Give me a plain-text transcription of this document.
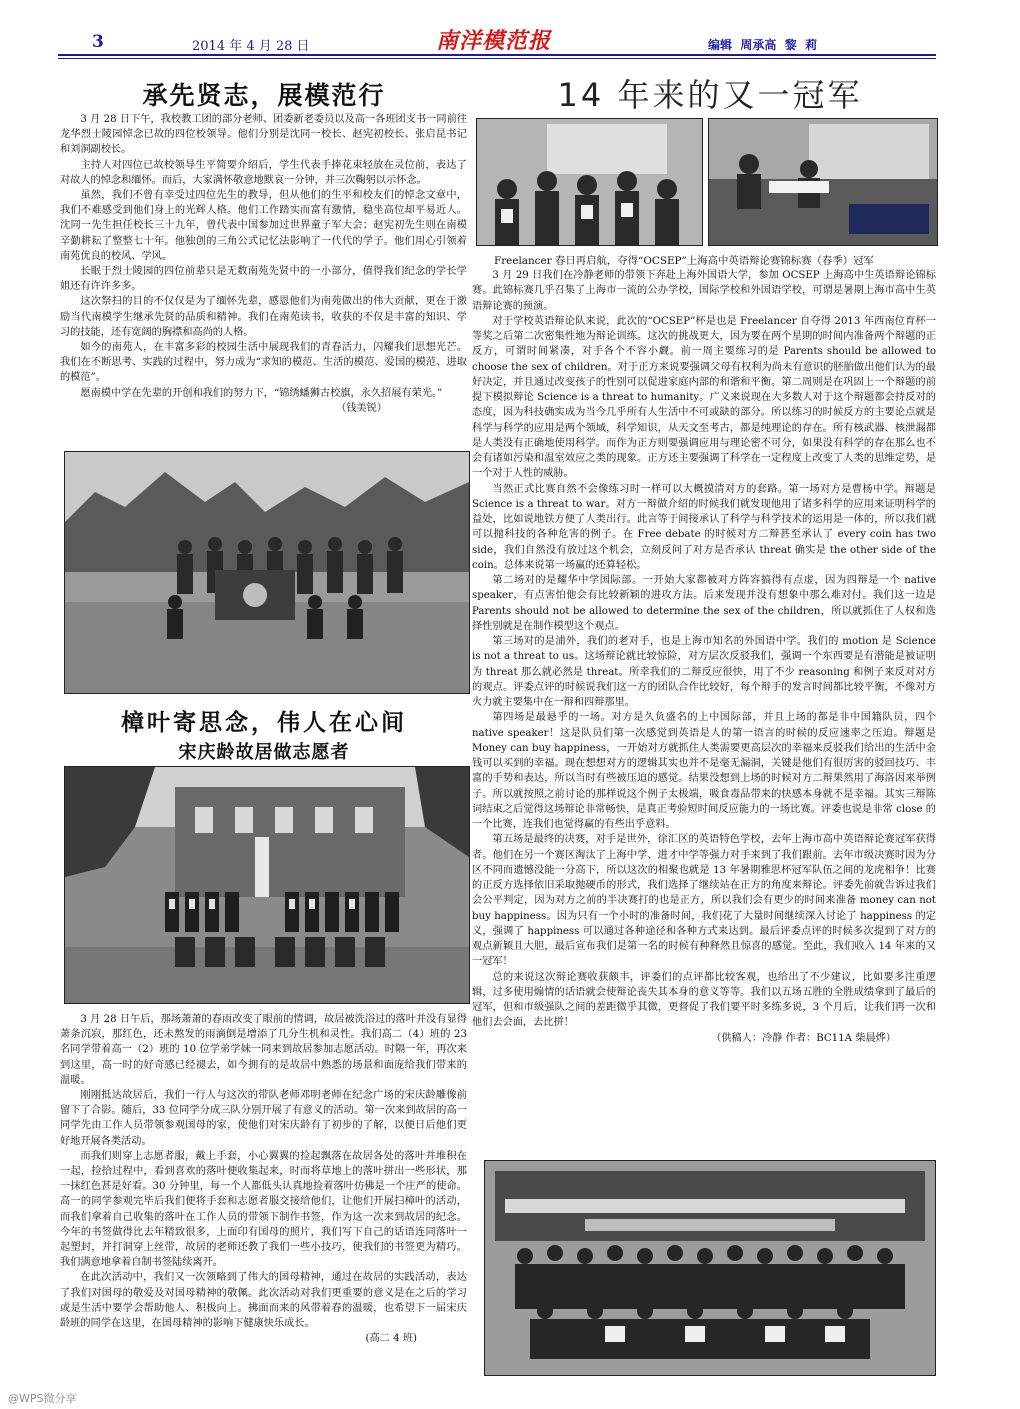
3	2014 年 4 月 28 日	南洋模范报	编辑  周承高  黎  莉
承先贤志，展模范行

3 月 28 日下午，我校教工团的部分老师、团委新老委员以及高一各班团支书一同前往龙华烈士陵园悼念已故的四位校领导。他们分别是沈同一校长、赵宪初校长、张启昆书记和刘洞副校长。

主持人对四位已故校领导生平简要介绍后，学生代表手捧花束轻放在灵位前，表达了对故人的悼念和缅怀。而后，大家满怀敬意地默哀一分钟，并三次鞠躬以示怀念。

虽然，我们不曾有幸受过四位先生的教导，但从他们的生平和校友们的悼念文章中，我们不难感受到他们身上的光辉人格。他们工作踏实而富有激情，稳坐高位却平易近人。沈同一先生担任校长三十九年，曾代表中国参加过世界童子军大会；赵宪初先生则在南模辛勤耕耘了整整七十年。他独创的三角公式记忆法影响了一代代的学子。他们用心引领着南苑优良的校风、学风。

长眠于烈士陵园的四位前辈只是无数南苑先贤中的一小部分，值得我们纪念的学长学姐还有许许多多。

这次祭扫的目的不仅仅是为了缅怀先辈，感恩他们为南苑做出的伟大贡献，更在于激励当代南模学生继承先贤的品质和精神。我们在南苑读书，收获的不仅是丰富的知识、学习的技能，还有宽阔的胸襟和高尚的人格。

如今的南苑人，在丰富多彩的校园生活中展现我们的青春活力，闪耀我们思想光芒。我们在不断思考、实践的过程中，努力成为“求知的模范、生活的模范、爱国的模范、进取的模范”。

愿南模中学在先辈的开创和我们的努力下，“锦绣蟠狮古校旗，永久招展有荣光。”

（钱美锐）

樟叶寄思念，伟人在心间
宋庆龄故居做志愿者

3 月 28 日午后，那场萧萧的春雨改变了眼前的情调，故居被洗浴过的落叶并没有显得萧条沉寂，那红色，还未熬发的雨滴倒是增添了几分生机和灵性。我们高二（4）班的 23 名同学带着高一（2）班的 10 位学弟学妹一同来到故居参加志愿活动。时隔一年，再次来到这里，高一时的好奇感已经褪去，如今拥有的是故居中熟悉的场景和面庞给我们带来的温暖。

刚刚抵达故居后，我们一行人与这次的带队老师邓明老师在纪念广场的宋庆龄雕像前留下了合影。随后，33 位同学分成三队分别开展了有意义的活动。第一次来到故居的高一同学先由工作人员带领参观国母的家，使他们对宋庆龄有了初步的了解，以便日后他们更好地开展各类活动。

而我们则穿上志愿者服，戴上手套，小心翼翼的捡起飘落在故居各处的落叶并堆积在一起，捡拾过程中，看到喜欢的落叶便收集起来，时而将草地上的落叶拼出一些形状，那一抹红色甚是好看。30 分钟里，每一个人都低头认真地捡着落叶仿佛是一个庄严的使命。高一的同学参观完毕后我们便将手套和志愿者服交接给他们，让他们开展扫樟叶的活动，而我们拿着自己收集的落叶在工作人员的带领下制作书签，作为这一次来到故居的纪念。今年的书签做得比去年精致很多，上面印有国母的照片，我们写下自己的话语连同落叶一起塑封，并打洞穿上丝带，故居的老师还教了我们一些小技巧，使我们的书签更为精巧。我们满意地拿着自制书签陆续离开。

在此次活动中，我们又一次领略到了伟大的国母精神，通过在故居的实践活动，表达了我们对国母的敬爱及对国母精神的敬佩。此次活动对我们更重要的意义是在之后的学习或是生活中要学会帮助他人、积极向上。拂面而来的风带着春的温暖，也希望下一届宋庆龄班的同学在这里，在国母精神的影响下健康快乐成长。

(高二 4 班)

14 年来的又一冠军
Freelancer 春日再启航，夺得“OCSEP”上海高中英语辩论赛锦标赛（春季）冠军

3 月 29 日我们在冷静老师的带领下奔赴上海外国语大学，参加 OCSEP 上海高中生英语辩论锦标赛。此锦标赛几乎召集了上海市一流的公办学校，国际学校和外国语学校，可谓是暑期上海市高中生英语辩论赛的预演。

对于学校英语辩论队来说，此次的“OCSEP”杯是也是 Freelancer 自夺得 2013 年西南位育杯一等奖之后第二次密集性地为辩论训练。这次的挑战更大，因为要在两个星期的时间内准备两个辩题的正反方，可谓时间紧凑，对手各个不容小觑。前一周主要练习的是 Parents should be allowed to choose the sex of children。对于正方来说要强调父母有权利为尚未有意识的胚胎做出他们认为的最好决定，并且通过改变孩子的性别可以促进家庭内部的和谐和平衡。第二周则是在巩固上一个辩题的前提下模拟辩论 Science is a threat to humanity。广义来说现在大多数人对于这个辩题都会持反对的态度，因为科技确实成为当今几乎所有人生活中不可或缺的部分。所以练习的时候反方的主要论点就是科学与科学的应用是两个领域，科学知识，从天文至考古，都是纯理论的存在。所有核武器、核泄漏都是人类没有正确地使用科学。而作为正方则要强调应用与理论密不可分，如果没有科学的存在那么也不会有诸如污染和温室效应之类的现象。正方还主要强调了科学在一定程度上改变了人类的思维定势，是一个对于人性的威胁。

当然正式比赛自然不会像练习时一样可以大概摸清对方的套路。第一场对方是曹杨中学。辩题是 Science is a threat to war。对方一辩做介绍的时候我们就发现他用了诸多科学的应用来证明科学的益处，比如说地铁方便了人类出行。此言等于间接承认了科学与科学技术的运用是一体的，所以我们就可以抛科技的各种危害的例子。在 Free debate 的时候对方二辩甚至承认了 every coin has two side，我们自然没有放过这个机会，立刻反问了对方是否承认 threat 确实是 the other side of the coin。总体来说第一场赢的还算轻松。

第二场对的是耀华中学国际部。一开始大家都被对方阵容搞得有点虚，因为四辩是一个 native speaker，有点害怕他会有比较新颖的进攻方法。后来发现并没有想象中那么难对付。我们这一边是 Parents should not be allowed to determine the sex of the children，所以就抓住了人权和选择性别就是在制作模型这个观点。

第三场对的是浦外，我们的老对手，也是上海市知名的外国语中学。我们的 motion 是 Science is not a threat to us。这场辩论就比较惊险，对方层次反驳我们，强调一个东西要是有潜能是被证明为 threat 那么就必然是 threat。所幸我们的二辩反应很快，用了不少 reasoning 和例子来反对对方的观点。评委点评的时候说我们这一方的团队合作比较好，每个辩手的发言时间都比较平衡，不像对方火力就主要集中在一辩和四辩那里。

第四场是最悬乎的一场。对方是久负盛名的上中国际部，并且上场的都是非中国籍队员，四个 native speaker！这是队员们第一次感觉到英语是人的第一语言的时候的反应速率之压迫。辩题是 Money can buy happiness，一开始对方就抓住人类需要更高层次的幸福来反驳我们给出的生活中金钱可以买到的幸福。现在想想对方的逻辑其实也并不是毫无漏洞，关键是他们有很厉害的驳回技巧、丰富的手势和表达，所以当时有些被压迫的感觉。结果没想到上场的时候对方二辩果然用了海洛因来举例子。所以就按照之前讨论的那样说这个例子太极端，吸食毒品带来的快感本身就不是幸福。其实三辩陈词结束之后觉得这场辩论非常畅快，是真正考验短时间反应能力的一场比赛。评委也说是非常 close 的一个比赛，连我们也觉得赢的有些出乎意料。

第五场是最终的决赛，对手是世外，徐汇区的英语特色学校，去年上海市高中英语辩论赛冠军获得者。他们在另一个赛区淘汰了上海中学、进才中学等强力对手来到了我们跟前。去年市级决赛时因为分区不同而遗憾没能一分高下，所以这次的相聚也就是 13 年暑期雅思杯冠军队伍之间的龙虎相争！比赛的正反方选择依旧采取抛硬币的形式，我们选择了继续站在正方的角度来辩论。评委先前就告诉过我们会公平判定，因为对方之前的半决赛打的也是正方，所以我们会有更少的时间来准备 money can not buy happiness。因为只有一个小时的准备时间，我们花了大量时间继续深入讨论了 happiness 的定义，强调了 happiness 可以通过各种途径和各种方式来达到。最后评委点评的时候多次提到了对方的观点新颖且大胆，最后宣布我们是第一名的时候有种释然且惊喜的感觉。至此，我们收入 14 年来的又一冠军！

总的来说这次辩论赛收获颇丰，评委们的点评都比较客观，也给出了不少建议，比如要多注重逻辑，过多使用煽情的话语就会使辩论丧失其本身的意义等等。我们以五场五胜的全胜成绩拿到了最后的冠军，但和市级强队之间的差距微乎其微，更督促了我们要平时多练多说，3 个月后，让我们再一次和他们去会面，去比拼！

（供稿人：冷静 作者：BC11A 柴晨烨）

@WPS微分享
